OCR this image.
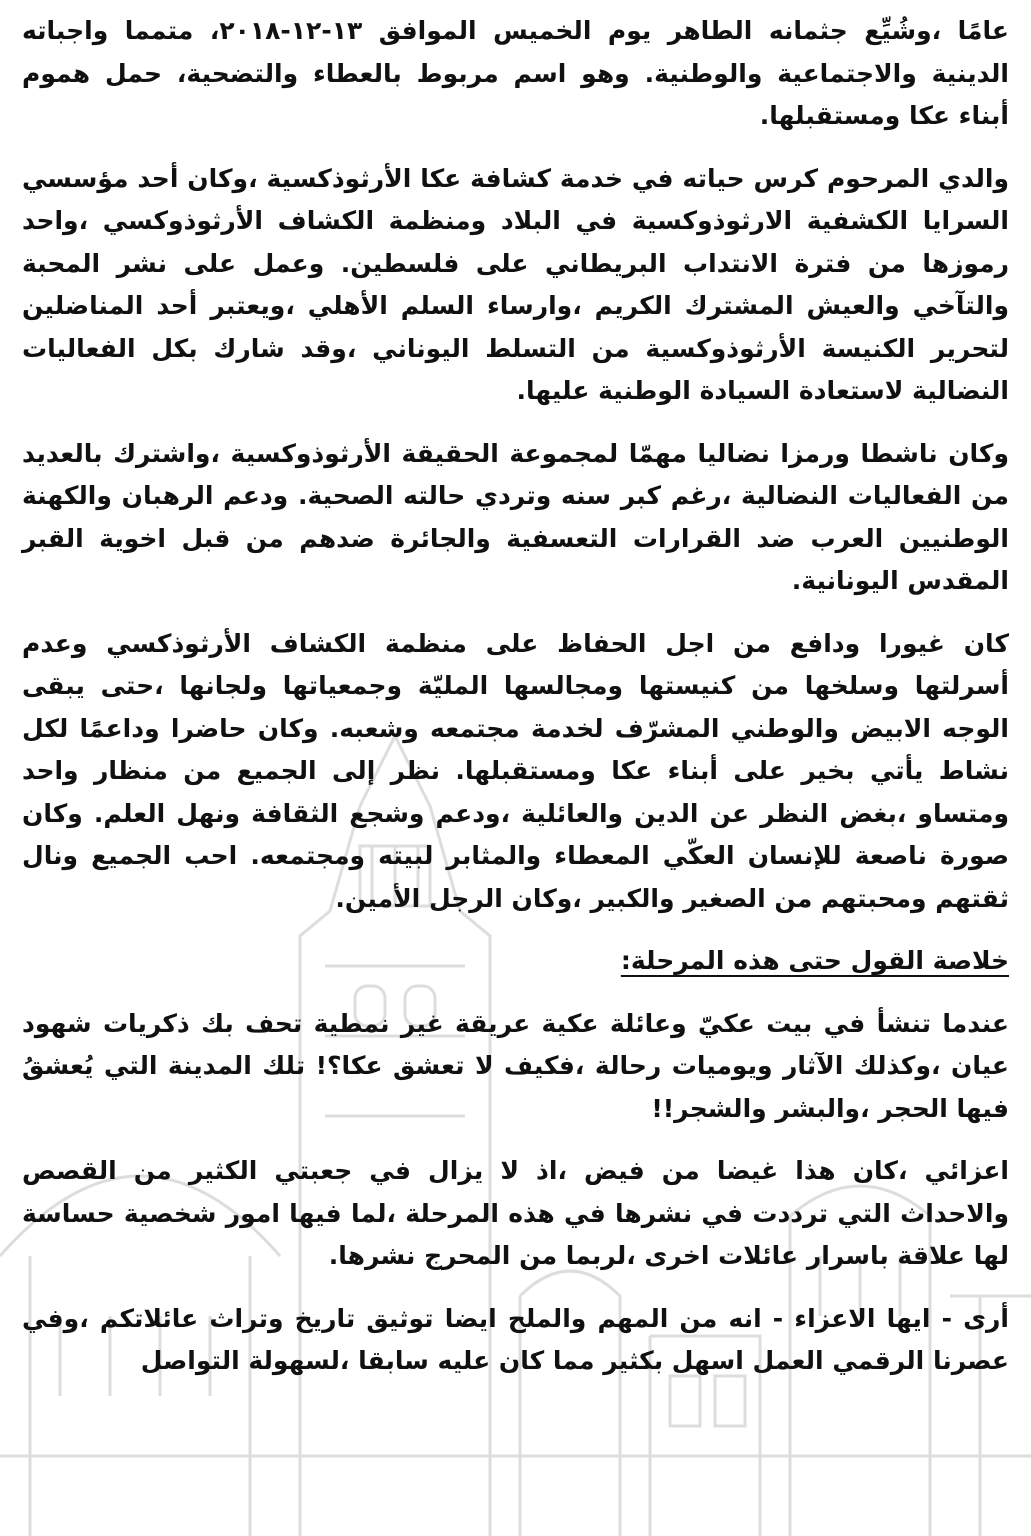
عامًا ،وشُيِّع جثمانه الطاهر يوم الخميس الموافق ١٣-١٢-٢٠١٨، متمما واجباته الدينية والاجتماعية والوطنية. وهو اسم مربوط بالعطاء والتضحية، حمل هموم أبناء عكا ومستقبلها.

والدي المرحوم كرس حياته في خدمة كشافة عكا الأرثوذكسية ،وكان أحد مؤسسي السرايا الكشفية الارثوذوكسية في البلاد ومنظمة الكشاف الأرثوذوكسي ،واحد رموزها من فترة الانتداب البريطاني على فلسطين. وعمل على نشر المحبة والتآخي والعيش المشترك الكريم ،وارساء السلم الأهلي ،ويعتبر أحد المناضلين لتحرير الكنيسة الأرثوذوكسية من التسلط اليوناني ،وقد شارك بكل الفعاليات النضالية لاستعادة السيادة الوطنية عليها.

وكان ناشطا ورمزا نضاليا مهمّا لمجموعة الحقيقة الأرثوذوكسية ،واشترك بالعديد من الفعاليات النضالية ،رغم كبر سنه وتردي حالته الصحية. ودعم الرهبان والكهنة الوطنيين العرب ضد القرارات التعسفية والجائرة ضدهم من قبل اخوية القبر المقدس اليونانية.

كان غيورا ودافع من اجل الحفاظ على منظمة الكشاف الأرثوذكسي وعدم أسرلتها وسلخها من كنيستها ومجالسها المليّة وجمعياتها ولجانها ،حتى يبقى الوجه الابيض والوطني المشرّف لخدمة مجتمعه وشعبه. وكان حاضرا وداعمًا لكل نشاط يأتي بخير على أبناء عكا ومستقبلها. نظر إلى الجميع من منظار واحد ومتساو ،بغض النظر عن الدين والعائلية ،ودعم وشجع الثقافة ونهل العلم. وكان صورة ناصعة للإنسان العكّي المعطاء والمثابر لبيته ومجتمعه. احب الجميع ونال ثقتهم ومحبتهم من الصغير والكبير ،وكان الرجل الأمين.

خلاصة القول حتى هذه المرحلة:

عندما تنشأ في بيت عكيّ وعائلة عكية عريقة غير نمطية تحف بك ذكريات شهود عيان ،وكذلك الآثار ويوميات رحالة ،فكيف لا تعشق عكا؟! تلك المدينة التي يُعشقُ فيها الحجر ،والبشر والشجر!!

اعزائي ،كان هذا غيضا من فيض ،اذ لا يزال في جعبتي الكثير من القصص والاحداث التي ترددت في نشرها في هذه المرحلة ،لما فيها امور شخصية حساسة لها علاقة باسرار عائلات اخرى ،لربما من المحرج نشرها.

أرى - ايها الاعزاء - انه من المهم والملح ايضا توثيق تاريخ وتراث عائلاتكم ،وفي عصرنا الرقمي العمل اسهل بكثير مما كان عليه سابقا ،لسهولة التواصل
